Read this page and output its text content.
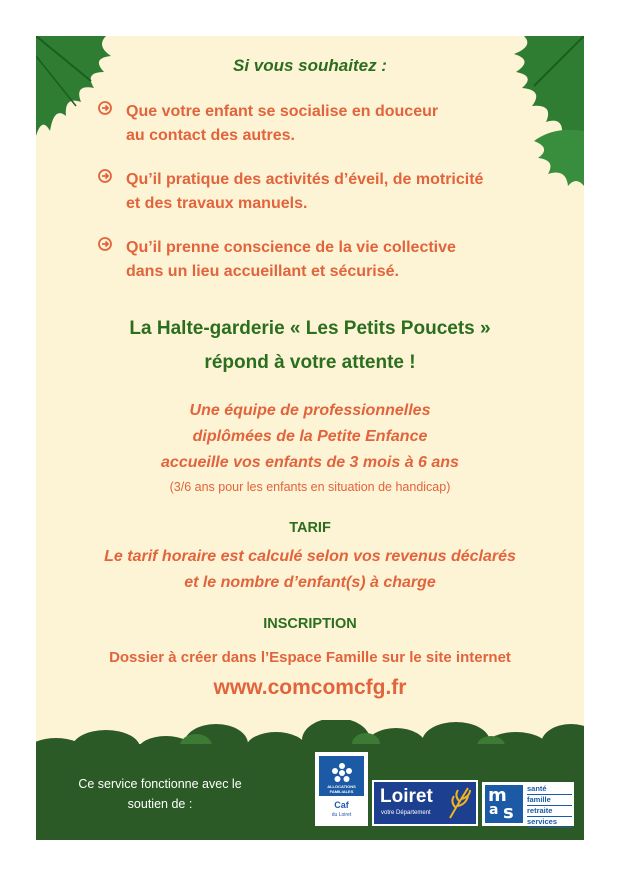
Si vous souhaitez :
Que votre enfant se socialise en douceur
au contact des autres.
Qu’il pratique des activités d’éveil, de motricité
et des travaux manuels.
Qu’il prenne conscience de la vie collective
dans un lieu accueillant et sécurisé.
La Halte-garderie « Les Petits Poucets »
répond à votre attente !
Une équipe de professionnelles
diplômées de la Petite Enfance
accueille vos enfants de 3 mois à 6 ans
(3/6 ans pour les enfants en situation de handicap)
TARIF
Le tarif horaire est calculé selon vos revenus déclarés
et le nombre d’enfant(s) à charge
INSCRIPTION
Dossier à créer dans l’Espace Famille sur le site internet
www.comcomcfg.fr
Ce service fonctionne avec le
soutien de :
ALLOCATIONS
FAMILIALES
Caf
du Loiret
Loiret
votre Département
m
s
a
santé
famille
retraite
services
